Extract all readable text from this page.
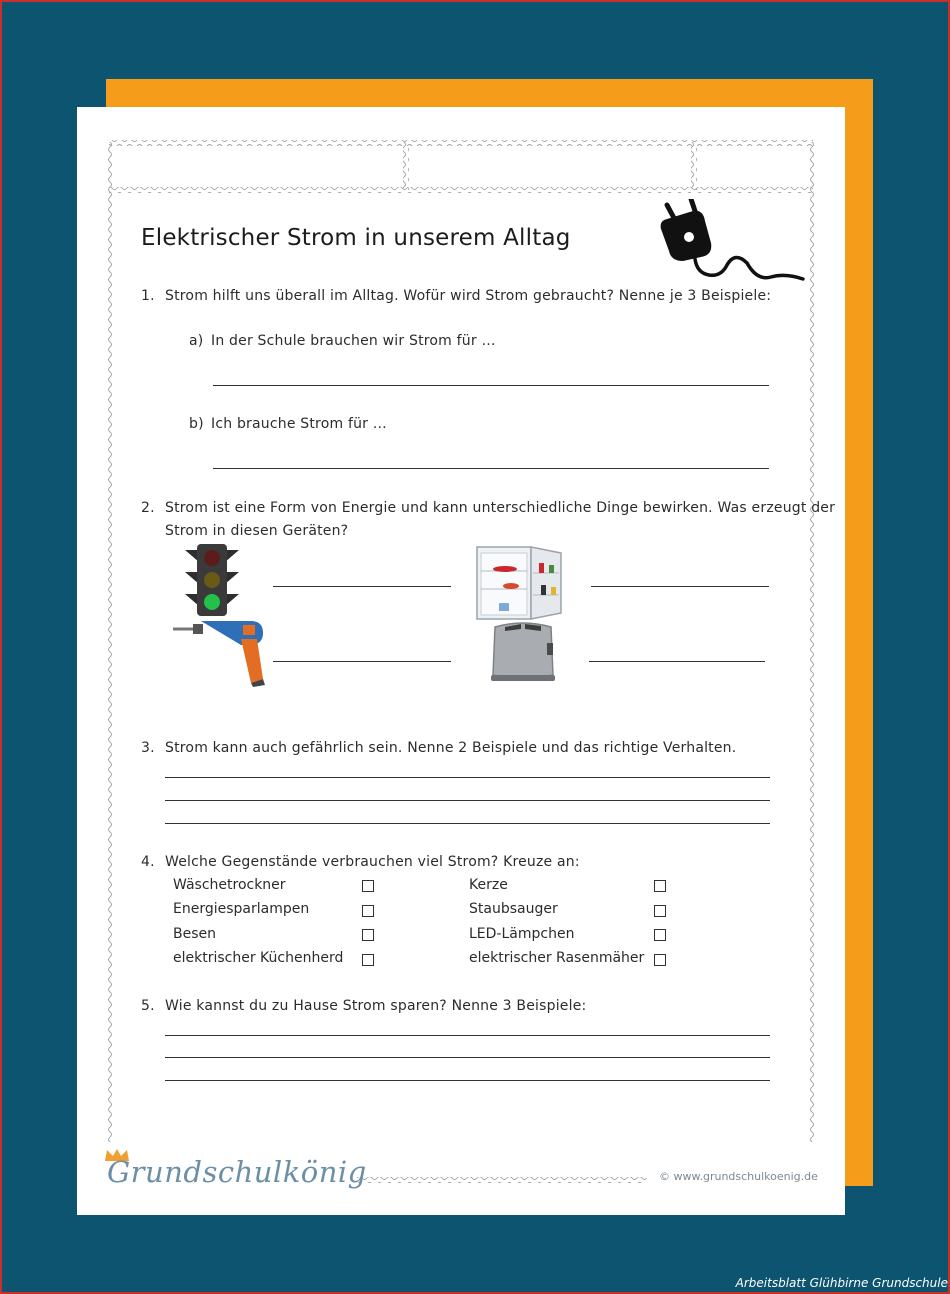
Elektrischer Strom in unserem Alltag
1. Strom hilft uns überall im Alltag. Wofür wird Strom gebraucht? Nenne je 3 Beispiele:
a) In der Schule brauchen wir Strom für …
b) Ich brauche Strom für …
2. Strom ist eine Form von Energie und kann unterschiedliche Dinge bewirken. Was erzeugt der
Strom in diesen Geräten?
3. Strom kann auch gefährlich sein. Nenne 2 Beispiele und das richtige Verhalten.
4. Welche Gegenstände verbrauchen viel Strom? Kreuze an:
Wäschetrockner
Energiesparlampen
Besen
elektrischer Küchenherd
Kerze
Staubsauger
LED-Lämpchen
elektrischer Rasenmäher
5. Wie kannst du zu Hause Strom sparen? Nenne 3 Beispiele:
Grundschulkönig	© www.grundschulkoenig.de
Arbeitsblatt Glühbirne Grundschule
